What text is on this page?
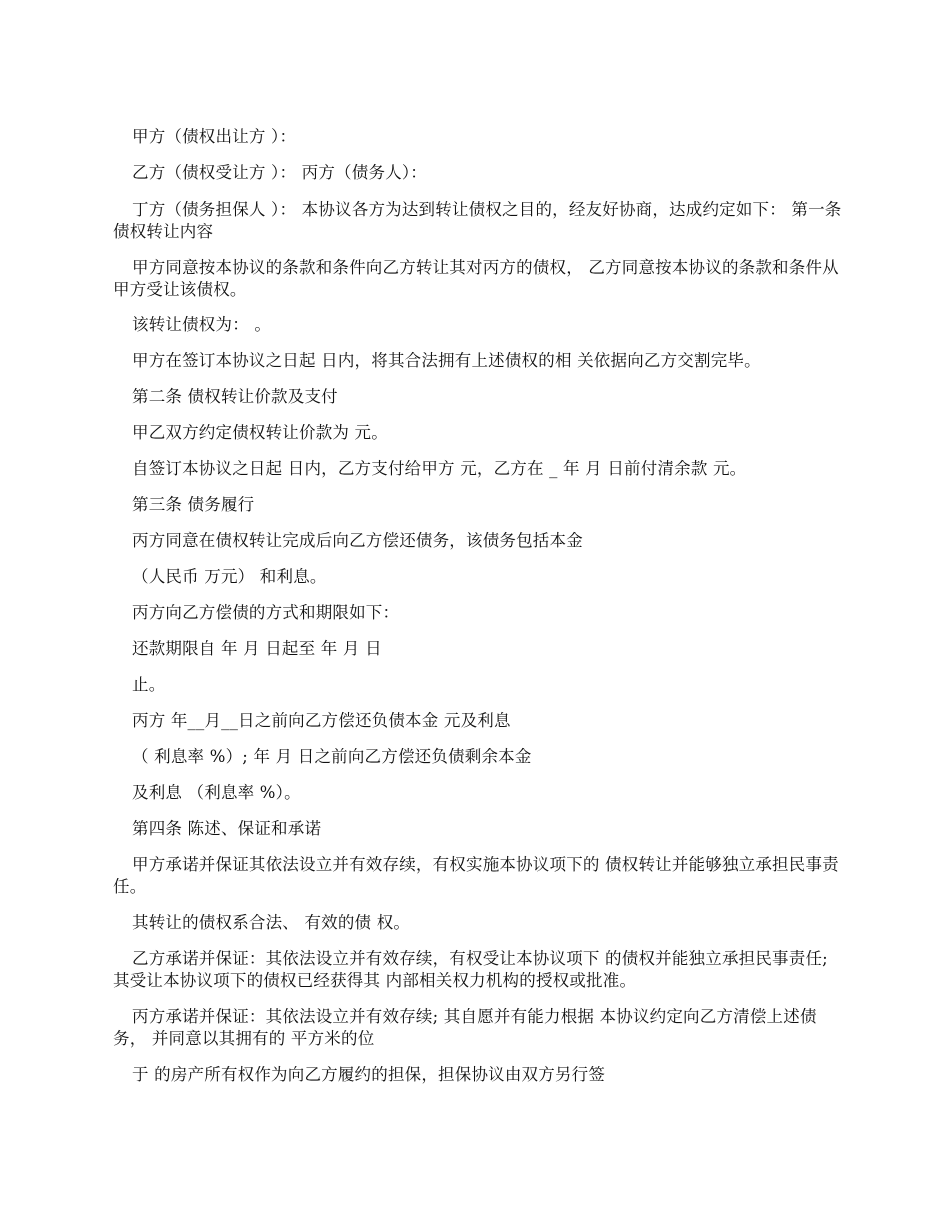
甲方（债权出让方 ）：

乙方（债权受让方 ）： 丙方（债务人）：

丁方（债务担保人 ）： 本协议各方为达到转让债权之目的，经友好协商，达成约定如下： 第一条 债权转让内容

甲方同意按本协议的条款和条件向乙方转让其对丙方的债权， 乙方同意按本协议的条款和条件从甲方受让该债权。

该转让债权为： 。

甲方在签订本协议之日起 日内，将其合法拥有上述债权的相 关依据向乙方交割完毕。

第二条 债权转让价款及支付

甲乙双方约定债权转让价款为 元。

自签订本协议之日起 日内，乙方支付给甲方 元，乙方在 _ 年 月 日前付清余款 元。

第三条 债务履行

丙方同意在债权转让完成后向乙方偿还债务，该债务包括本金

（人民币 万元） 和利息。

丙方向乙方偿债的方式和期限如下：

还款期限自 年 月 日起至 年 月 日

止。

丙方 年__月__日之前向乙方偿还负债本金 元及利息

（ 利息率 %）; 年 月 日之前向乙方偿还负债剩余本金

及利息 （利息率 %）。

第四条 陈述、保证和承诺

甲方承诺并保证其依法设立并有效存续，有权实施本协议项下的 债权转让并能够独立承担民事责任。

其转让的债权系合法、 有效的债 权。

乙方承诺并保证：其依法设立并有效存续，有权受让本协议项下 的债权并能独立承担民事责任; 其受让本协议项下的债权已经获得其 内部相关权力机构的授权或批准。

丙方承诺并保证：其依法设立并有效存续; 其自愿并有能力根据 本协议约定向乙方清偿上述债务， 并同意以其拥有的 平方米的位

于 的房产所有权作为向乙方履约的担保，担保协议由双方另行签
